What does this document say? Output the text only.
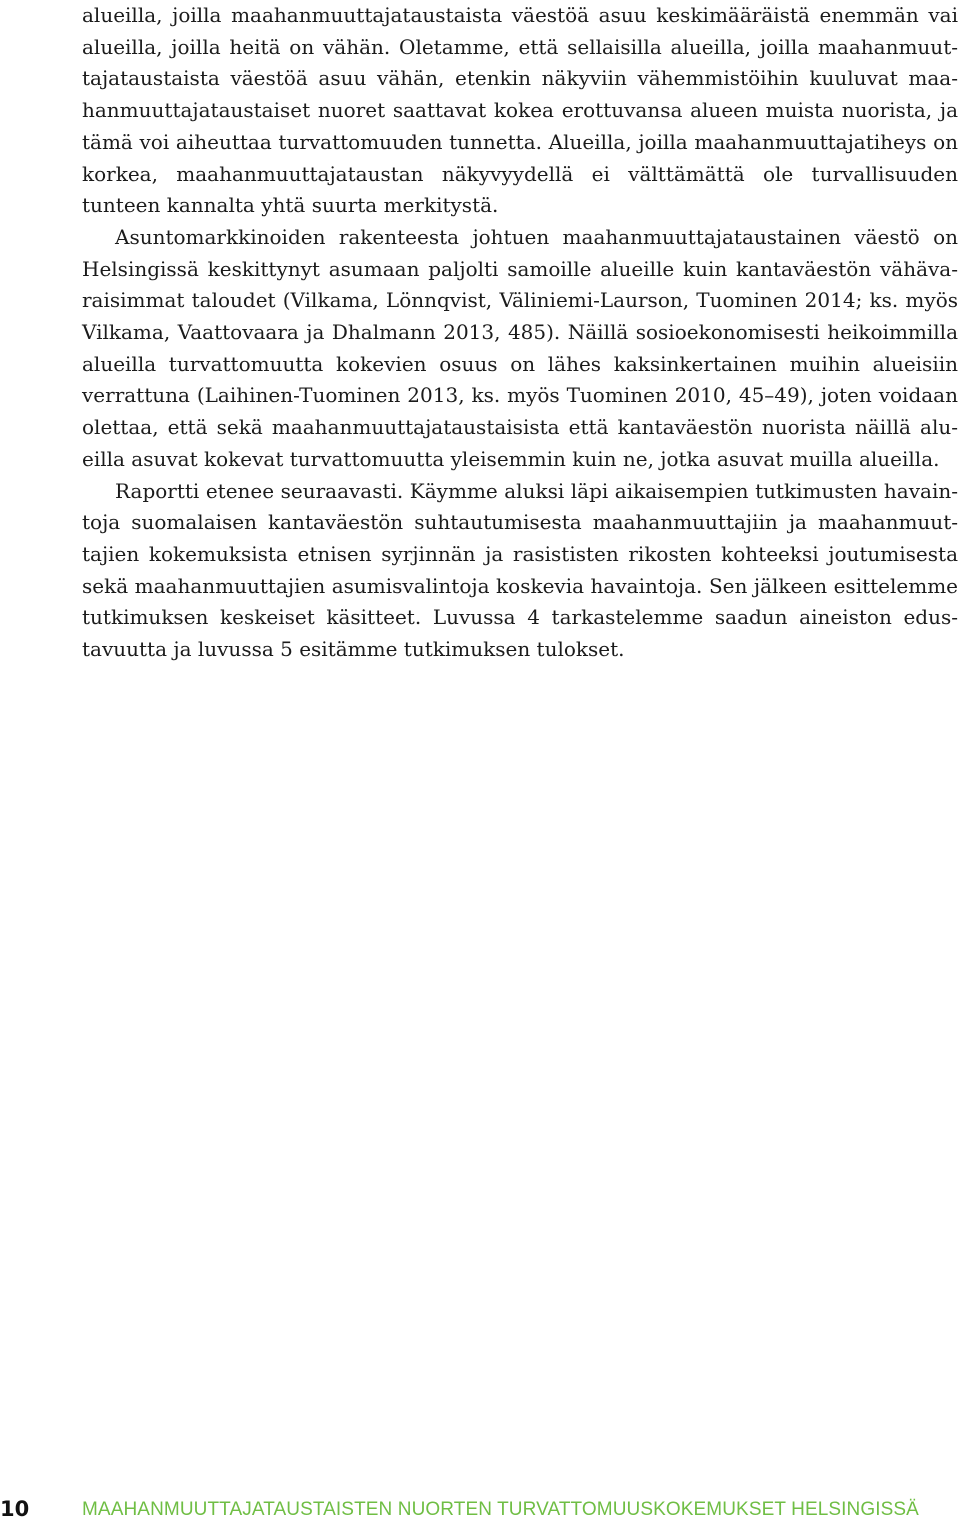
alueilla, joilla maahanmuuttajataustaista väestöä asuu keskimääräistä enemmän vai alueilla, joilla heitä on vähän. Oletamme, että sellaisilla alueilla, joilla maahanmuuttajataustaista väestöä asuu vähän, etenkin näkyviin vähemmistöihin kuuluvat maahanmuuttajataustaiset nuoret saattavat kokea erottuvansa alueen muista nuorista, ja tämä voi aiheuttaa turvattomuuden tunnetta. Alueilla, joilla maahanmuuttajatiheys on korkea, maahanmuuttajataustan näkyvyydellä ei välttämättä ole turvallisuuden tunteen kannalta yhtä suurta merkitystä.

Asuntomarkkinoiden rakenteesta johtuen maahanmuuttajataustainen väestö on Helsingissä keskittynyt asumaan paljolti samoille alueille kuin kantaväestön vähävaraisimmat taloudet (Vilkama, Lönnqvist, Väliniemi-Laurson, Tuominen 2014; ks. myös Vilkama, Vaattovaara ja Dhalmann 2013, 485). Näillä sosioekonomisesti heikoimmilla alueilla turvattomuutta kokevien osuus on lähes kaksinkertainen muihin alueisiin verrattuna (Laihinen-Tuominen 2013, ks. myös Tuominen 2010, 45–49), joten voidaan olettaa, että sekä maahanmuuttajataustaisista että kantaväestön nuorista näillä alueilla asuvat kokevat turvattomuutta yleisemmin kuin ne, jotka asuvat muilla alueilla.

Raportti etenee seuraavasti. Käymme aluksi läpi aikaisempien tutkimusten havaintoja suomalaisen kantaväestön suhtautumisesta maahanmuuttajiin ja maahanmuuttajien kokemuksista etnisen syrjinnän ja rasististen rikosten kohteeksi joutumisesta sekä maahanmuuttajien asumisvalintoja koskevia havaintoja. Sen jälkeen esittelemme tutkimuksen keskeiset käsitteet. Luvussa 4 tarkastelemme saadun aineiston edustavuutta ja luvussa 5 esitämme tutkimuksen tulokset.

10	MAAHANMUUTTAJATAUSTAISTEN NUORTEN TURVATTOMUUSKOKEMUKSET HELSINGISSÄ
